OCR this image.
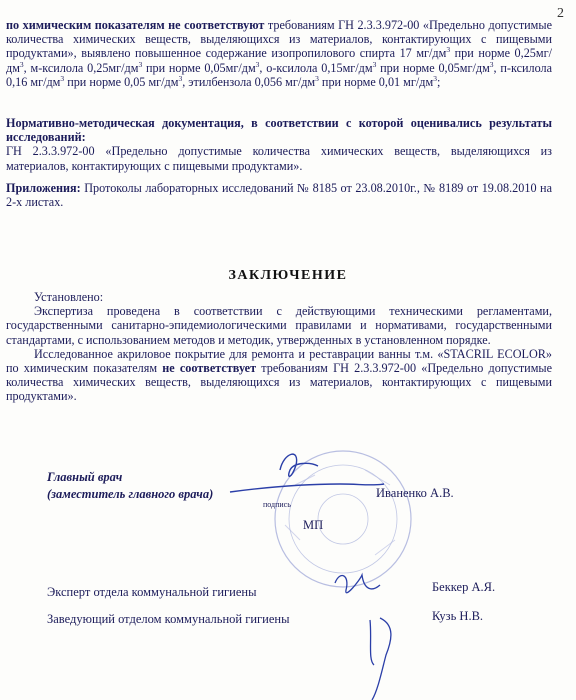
2
по химическим показателям не соответствуют требованиям ГН 2.3.3.972-00 «Предельно допустимые количества химических веществ, выделяющихся из материалов, контактирующих с пищевыми продуктами», выявлено повышенное содержание изопропилового спирта 17 $мг/дм^3$ при норме $0,25мг/дм^3$, м-ксилола $0,25мг/дм^3$ при норме $0,05мг/дм^3$, о-ксилола $0,15мг/дм^3$ при норме $0,05мг/дм^3$, п-ксилола 0,16 $мг/дм^3$ при норме 0,05 $мг/дм^3$, этилбензола 0,056 $мг/дм^3$ при норме 0,01 $мг/дм^3$;
Нормативно-методическая документация, в соответствии с которой оценивались результаты исследований:
ГН 2.3.3.972-00 «Предельно допустимые количества химических веществ, выделяющихся из материалов, контактирующих с пищевыми продуктами».
Приложения: Протоколы лабораторных исследований № 8185 от 23.08.2010г., № 8189 от 19.08.2010 на 2-х листах.
ЗАКЛЮЧЕНИЕ
Установлено:
Экспертиза проведена в соответствии с действующими техническими регламентами, государственными санитарно-эпидемиологическими правилами и нормативами, государственными стандартами, с использованием методов и методик, утвержденных в установленном порядке.
Исследованное акриловое покрытие для ремонта и реставрации ванны т.м. «STACRIL ECOLOR» по химическим показателям не соответствует требованиям ГН 2.3.3.972-00 «Предельно допустимые количества химических веществ, выделяющихся из материалов, контактирующих с пищевыми продуктами».
Главный врач
(заместитель главного врача)
подпись
Иваненко А.В.
МП
Эксперт отдела коммунальной гигиены	Беккер А.Я.
Заведующий отделом коммунальной гигиены	Кузь Н.В.
